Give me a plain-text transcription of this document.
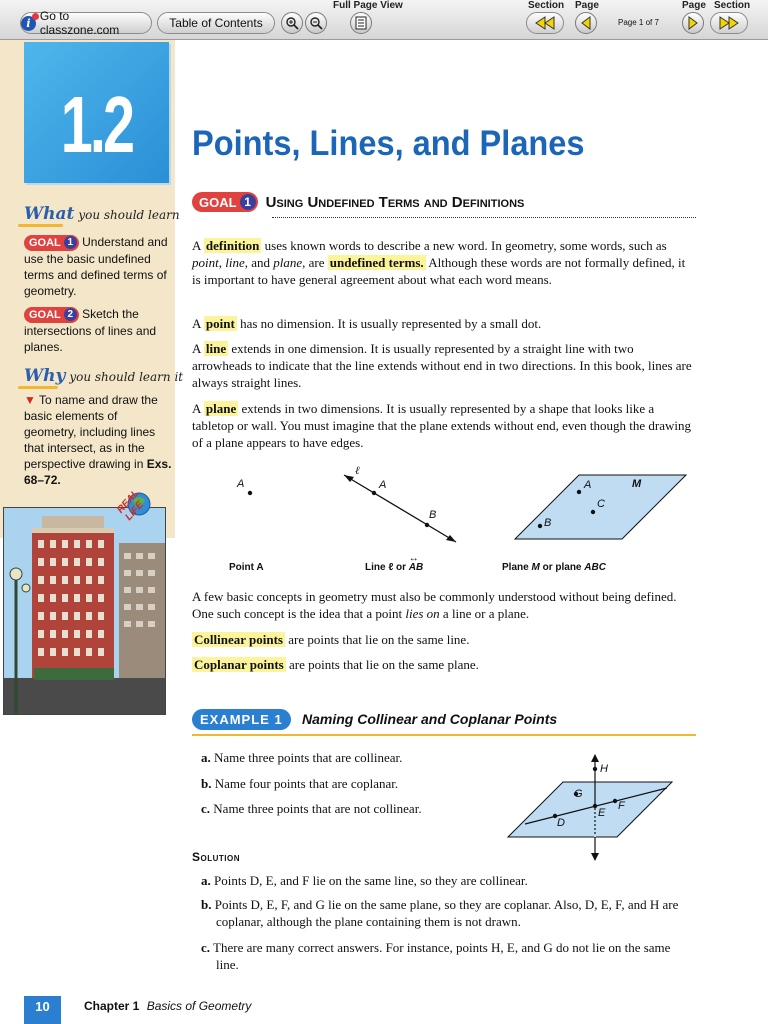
i Go to classzone.com	Table of Contents
Full Page View	Section Page
Page 1 of 7
Page Section
1.2
What you should learn
GOAL 1 Understand and use the basic undefined terms and defined terms of geometry.
GOAL 2 Sketch the intersections of lines and planes.
Why you should learn it
▼ To name and draw the basic elements of geometry, including lines that intersect, as in the perspective drawing in Exs. 68–72.
REAL LIFE
Points, Lines, and Planes
GOAL 1 Using Undefined Terms and Definitions

A definition uses known words to describe a new word. In geometry, some words, such as point, line, and plane, are undefined terms. Although these words are not formally defined, it is important to have general agreement about what each word means.

A point has no dimension. It is usually represented by a small dot.

A line extends in one dimension. It is usually represented by a straight line with two arrowheads to indicate that the line extends without end in two directions. In this book, lines are always straight lines.

A plane extends in two dimensions. It is usually represented by a shape that looks like a tabletop or wall. You must imagine that the plane extends without end, even though the drawing of a plane appears to have edges.

A
ℓ
A
B
M
A
C
B
Point A	Line ℓ or AB
↔
Plane M or plane ABC

A few basic concepts in geometry must also be commonly understood without being defined. One such concept is the idea that a point lies on a line or a plane.

Collinear points are points that lie on the same line.

Coplanar points are points that lie on the same plane.

EXAMPLE 1	Naming Collinear and Coplanar Points
a. Name three points that are collinear.
b. Name four points that are coplanar.
c. Name three points that are not collinear.
H
G
D
E
F
Solution
a. Points D, E, and F lie on the same line, so they are collinear.
b. Points D, E, F, and G lie on the same plane, so they are coplanar. Also, D, E, F, and H are coplanar, although the plane containing them is not drawn.
c. There are many correct answers. For instance, points H, E, and G do not lie on the same line.
10	Chapter 1 Basics of Geometry
